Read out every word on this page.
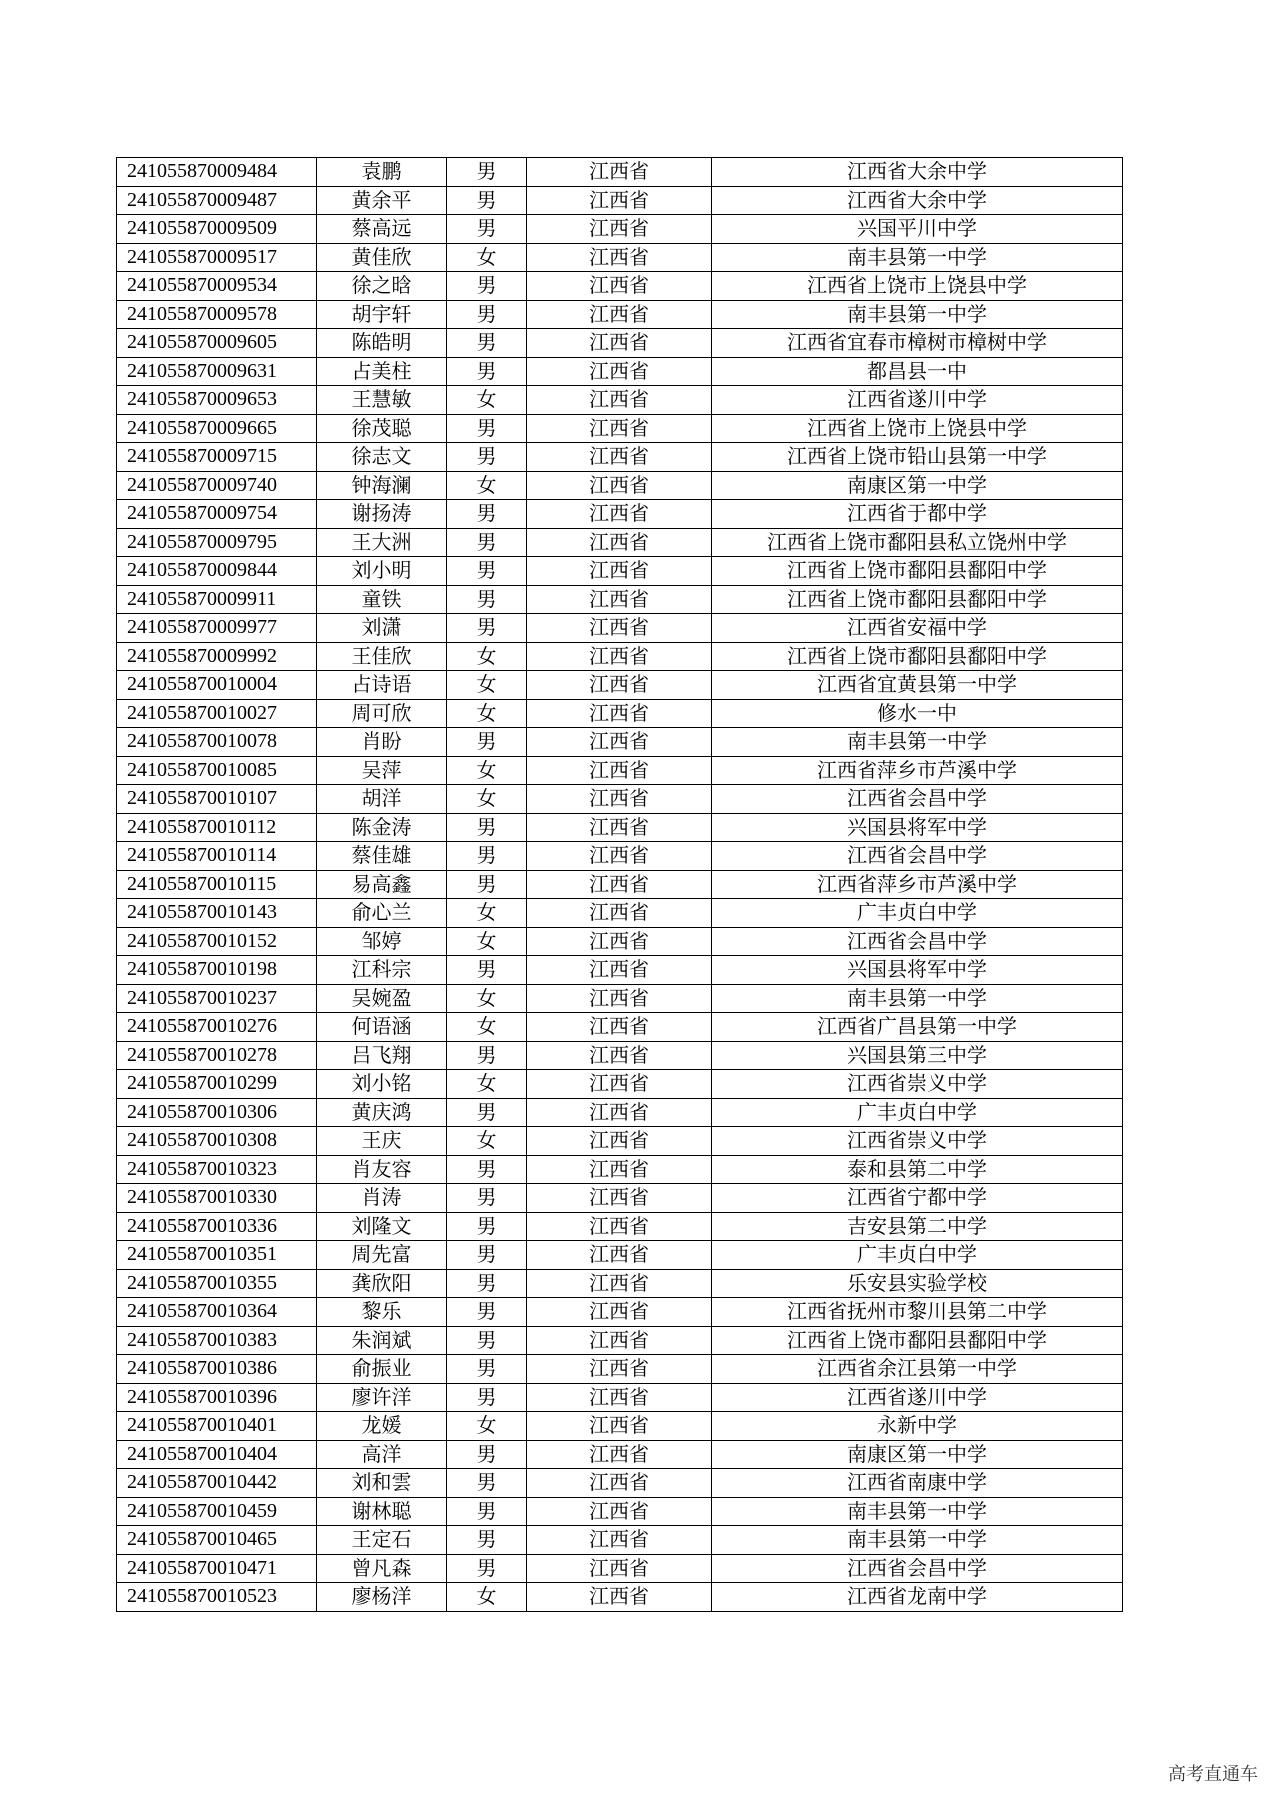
241055870009484	袁鹏	男	江西省	江西省大余中学
241055870009487	黄余平	男	江西省	江西省大余中学
241055870009509	蔡高远	男	江西省	兴国平川中学
241055870009517	黄佳欣	女	江西省	南丰县第一中学
241055870009534	徐之晗	男	江西省	江西省上饶市上饶县中学
241055870009578	胡宇轩	男	江西省	南丰县第一中学
241055870009605	陈皓明	男	江西省	江西省宜春市樟树市樟树中学
241055870009631	占美柱	男	江西省	都昌县一中
241055870009653	王慧敏	女	江西省	江西省遂川中学
241055870009665	徐茂聪	男	江西省	江西省上饶市上饶县中学
241055870009715	徐志文	男	江西省	江西省上饶市铅山县第一中学
241055870009740	钟海澜	女	江西省	南康区第一中学
241055870009754	谢扬涛	男	江西省	江西省于都中学
241055870009795	王大洲	男	江西省	江西省上饶市鄱阳县私立饶州中学
241055870009844	刘小明	男	江西省	江西省上饶市鄱阳县鄱阳中学
241055870009911	童铁	男	江西省	江西省上饶市鄱阳县鄱阳中学
241055870009977	刘潇	男	江西省	江西省安福中学
241055870009992	王佳欣	女	江西省	江西省上饶市鄱阳县鄱阳中学
241055870010004	占诗语	女	江西省	江西省宜黄县第一中学
241055870010027	周可欣	女	江西省	修水一中
241055870010078	肖盼	男	江西省	南丰县第一中学
241055870010085	吴萍	女	江西省	江西省萍乡市芦溪中学
241055870010107	胡洋	女	江西省	江西省会昌中学
241055870010112	陈金涛	男	江西省	兴国县将军中学
241055870010114	蔡佳雄	男	江西省	江西省会昌中学
241055870010115	易高鑫	男	江西省	江西省萍乡市芦溪中学
241055870010143	俞心兰	女	江西省	广丰贞白中学
241055870010152	邹婷	女	江西省	江西省会昌中学
241055870010198	江科宗	男	江西省	兴国县将军中学
241055870010237	吴婉盈	女	江西省	南丰县第一中学
241055870010276	何语涵	女	江西省	江西省广昌县第一中学
241055870010278	吕飞翔	男	江西省	兴国县第三中学
241055870010299	刘小铭	女	江西省	江西省崇义中学
241055870010306	黄庆鸿	男	江西省	广丰贞白中学
241055870010308	王庆	女	江西省	江西省崇义中学
241055870010323	肖友容	男	江西省	泰和县第二中学
241055870010330	肖涛	男	江西省	江西省宁都中学
241055870010336	刘隆文	男	江西省	吉安县第二中学
241055870010351	周先富	男	江西省	广丰贞白中学
241055870010355	龚欣阳	男	江西省	乐安县实验学校
241055870010364	黎乐	男	江西省	江西省抚州市黎川县第二中学
241055870010383	朱润斌	男	江西省	江西省上饶市鄱阳县鄱阳中学
241055870010386	俞振业	男	江西省	江西省余江县第一中学
241055870010396	廖许洋	男	江西省	江西省遂川中学
241055870010401	龙媛	女	江西省	永新中学
241055870010404	高洋	男	江西省	南康区第一中学
241055870010442	刘和雲	男	江西省	江西省南康中学
241055870010459	谢林聪	男	江西省	南丰县第一中学
241055870010465	王定石	男	江西省	南丰县第一中学
241055870010471	曾凡森	男	江西省	江西省会昌中学
241055870010523	廖杨洋	女	江西省	江西省龙南中学
高考直通车
